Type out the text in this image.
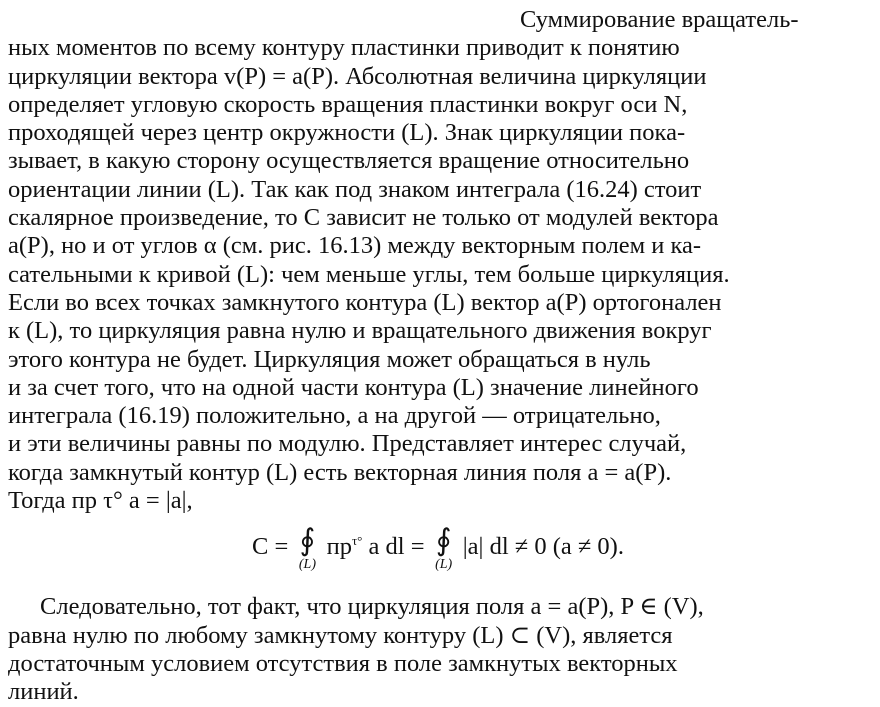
Суммирование вращатель-
ных моментов по всему контуру пластинки приводит к понятию
циркуляции вектора v(P) = a(P). Абсолютная величина циркуляции
определяет угловую скорость вращения пластинки вокруг оси N,
проходящей через центр окружности (L). Знак циркуляции пока-
зывает, в какую сторону осуществляется вращение относительно
ориентации линии (L). Так как под знаком интеграла (16.24) стоит
скалярное произведение, то C зависит не только от модулей вектора
a(P), но и от углов α (см. рис. 16.13) между векторным полем и ка-
сательными к кривой (L): чем меньше углы, тем больше циркуляция.
Если во всех точках замкнутого контура (L) вектор a(P) ортогонален
к (L), то циркуляция равна нулю и вращательного движения вокруг
этого контура не будет. Циркуляция может обращаться в нуль
и за счет того, что на одной части контура (L) значение линейного
интеграла (16.19) положительно, а на другой — отрицательно,
и эти величины равны по модулю. Представляет интерес случай,
когда замкнутый контур (L) есть векторная линия поля a = a(P).
Тогда пр τ° a = |a|,
C = ∮
(L)
$пр^{\tau^\circ}$ a dl = ∮
(L)
|a| dl ≠ 0 (a ≠ 0).
Следовательно, тот факт, что циркуляция поля a = a(P), P ∈ (V),
равна нулю по любому замкнутому контуру (L) ⊂ (V), является
достаточным условием отсутствия в поле замкнутых векторных
линий.
